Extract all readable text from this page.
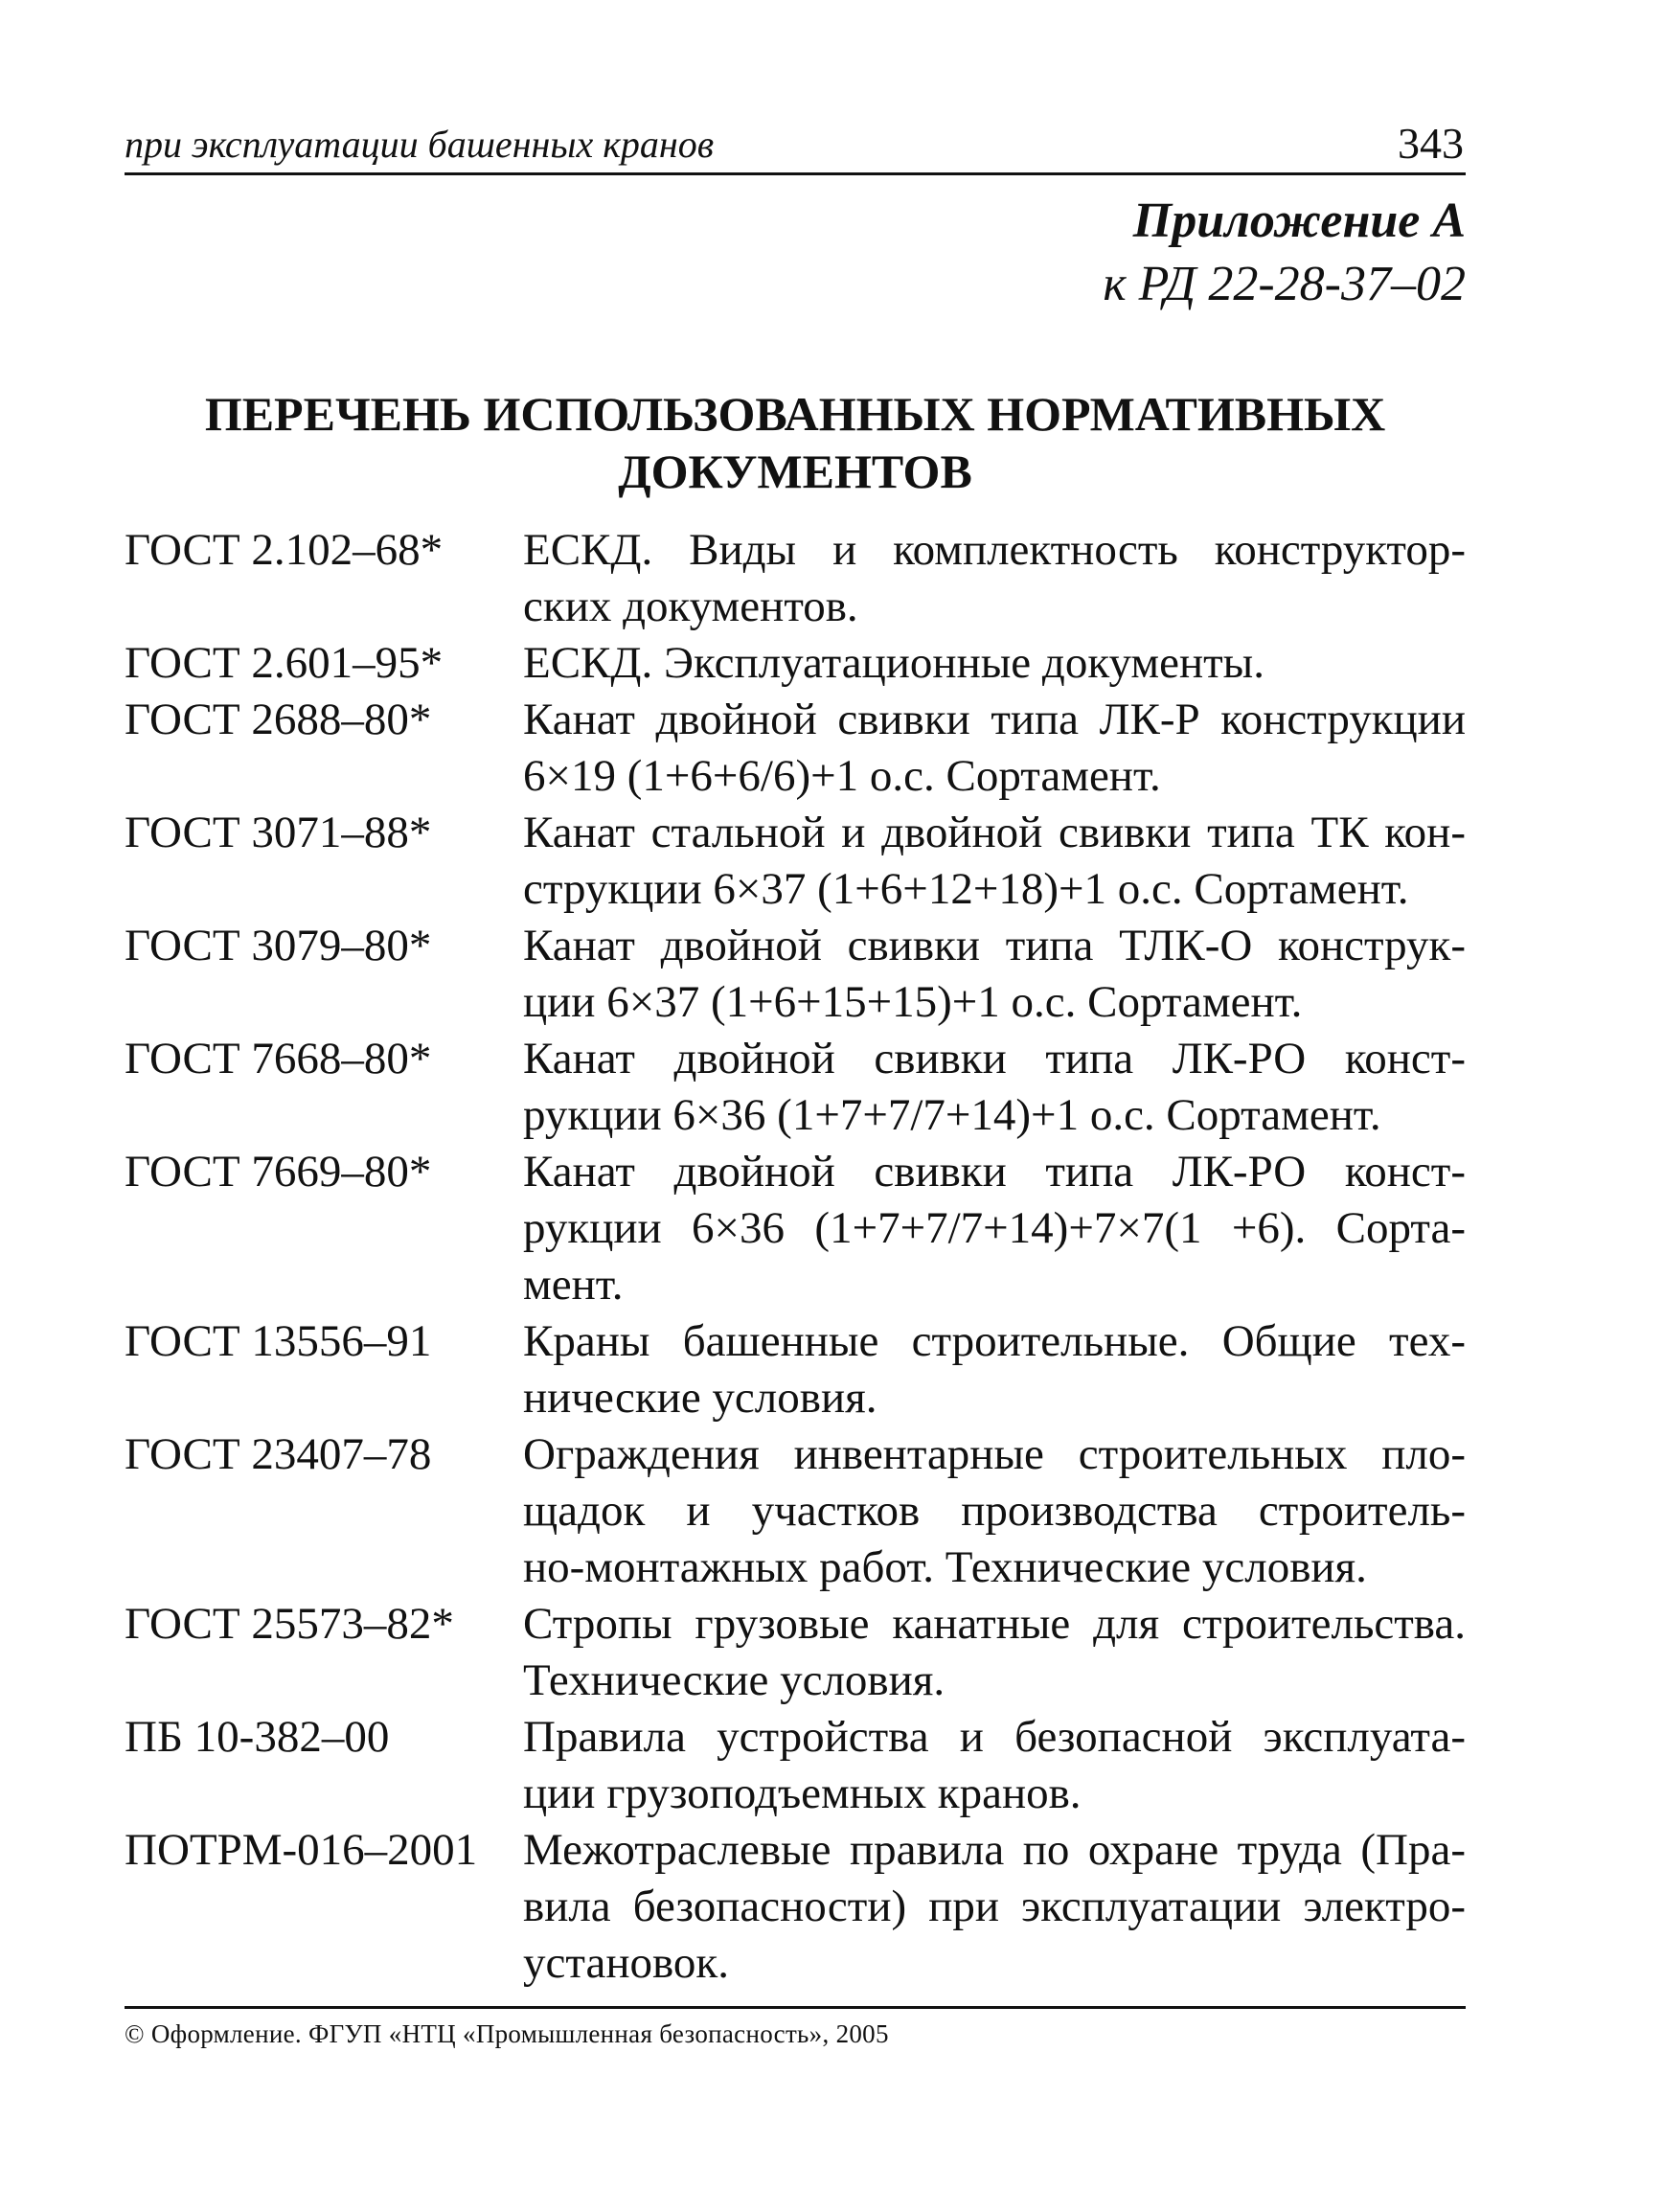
при эксплуатации башенных кранов	343
Приложение А
к РД 22-28-37–02
ПЕРЕЧЕНЬ ИСПОЛЬЗОВАННЫХ НОРМАТИВНЫХ
ДОКУМЕНТОВ
ГОСТ 2.102–68*	ЕСКД. Виды и комплектность конструктор-
ских документов.
ГОСТ 2.601–95*	ЕСКД. Эксплуатационные документы.
ГОСТ 2688–80*	Канат двойной свивки типа ЛК-Р конструкции
6×19 (1+6+6/6)+1 о.с. Сортамент.
ГОСТ 3071–88*	Канат стальной и двойной свивки типа ТК кон-
струкции 6×37 (1+6+12+18)+1 о.с. Сортамент.
ГОСТ 3079–80*	Канат двойной свивки типа ТЛК-О конструк-
ции 6×37 (1+6+15+15)+1 о.с. Сортамент.
ГОСТ 7668–80*	Канат двойной свивки типа ЛК-РО конст-
рукции 6×36 (1+7+7/7+14)+1 о.с. Сортамент.
ГОСТ 7669–80*	Канат двойной свивки типа ЛК-РО конст-
рукции 6×36 (1+7+7/7+14)+7×7(1 +6). Сорта-
мент.
ГОСТ 13556–91	Краны башенные строительные. Общие тех-
нические условия.
ГОСТ 23407–78	Ограждения инвентарные строительных пло-
щадок и участков производства строитель-
но-монтажных работ. Технические условия.
ГОСТ 25573–82*	Стропы грузовые канатные для строительства.
Технические условия.
ПБ 10-382–00	Правила устройства и безопасной эксплуата-
ции грузоподъемных кранов.
ПОТРМ-016–2001	Межотраслевые правила по охране труда (Пра-
вила безопасности) при эксплуатации электро-
установок.
© Оформление. ФГУП «НТЦ «Промышленная безопасность», 2005
